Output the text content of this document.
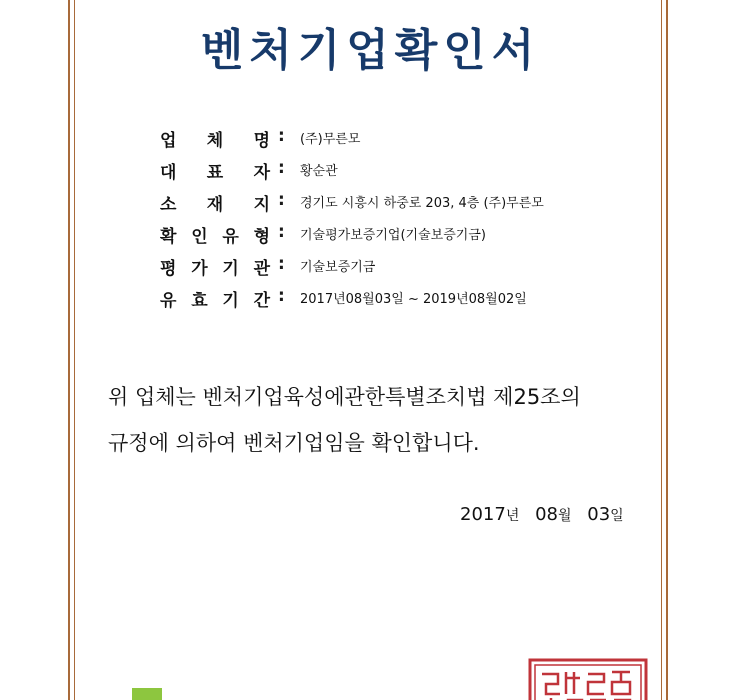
벤처기업확인서
업 체 명 : (주)무른모
대 표 자 : 황순관
소 재 지 : 경기도 시흥시 하중로 203, 4층 (주)무른모
확 인 유 형 : 기술평가보증기업(기술보증기금)
평 가 기 관 : 기술보증기금
유 효 기 간 : 2017년08월03일 ~ 2019년08월02일
위 업체는 벤처기업육성에관한특별조치법 제25조의
규정에 의하여 벤처기업임을 확인합니다.
2017년 08월 03일
